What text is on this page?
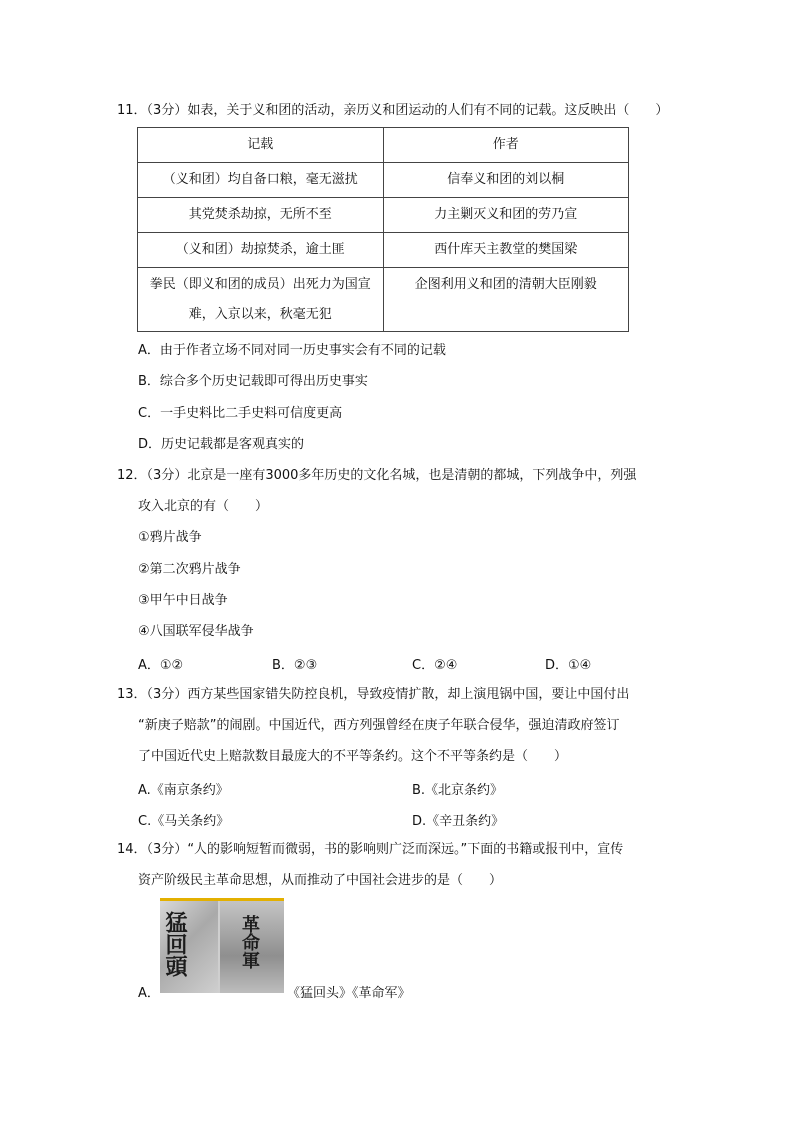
11．（3分）如表，关于义和团的活动，亲历义和团运动的人们有不同的记载。这反映出（　　）
记载	作者
（义和团）均自备口粮，毫无滋扰	信奉义和团的刘以桐
其党焚杀劫掠，无所不至	力主剿灭义和团的劳乃宣
（义和团）劫掠焚杀，逾土匪	西什库天主教堂的樊国梁
拳民（即义和团的成员）出死力为国宣难，入京以来，秋毫无犯	企图利用义和团的清朝大臣刚毅
A．由于作者立场不同对同一历史事实会有不同的记载
B．综合多个历史记载即可得出历史事实
C．一手史料比二手史料可信度更高
D．历史记载都是客观真实的
12．（3分）北京是一座有3000多年历史的文化名城，也是清朝的都城，下列战争中，列强
攻入北京的有（　　）
①鸦片战争
②第二次鸦片战争
③甲午中日战争
④八国联军侵华战争
A．①②	B．②③	C．②④	D．①④
13．（3分）西方某些国家错失防控良机，导致疫情扩散，却上演甩锅中国，要让中国付出
“新庚子赔款”的闹剧。中国近代，西方列强曾经在庚子年联合侵华，强迫清政府签订
了中国近代史上赔款数目最庞大的不平等条约。这个不平等条约是（　　）
A.《南京条约》	B.《北京条约》
C.《马关条约》	D.《辛丑条约》
14．（3分）“人的影响短暂而微弱，书的影响则广泛而深远。”下面的书籍或报刊中，宣传
资产阶级民主革命思想，从而推动了中国社会进步的是（　　）
A．
猛回頭	革命軍
《猛回头》《革命军》
